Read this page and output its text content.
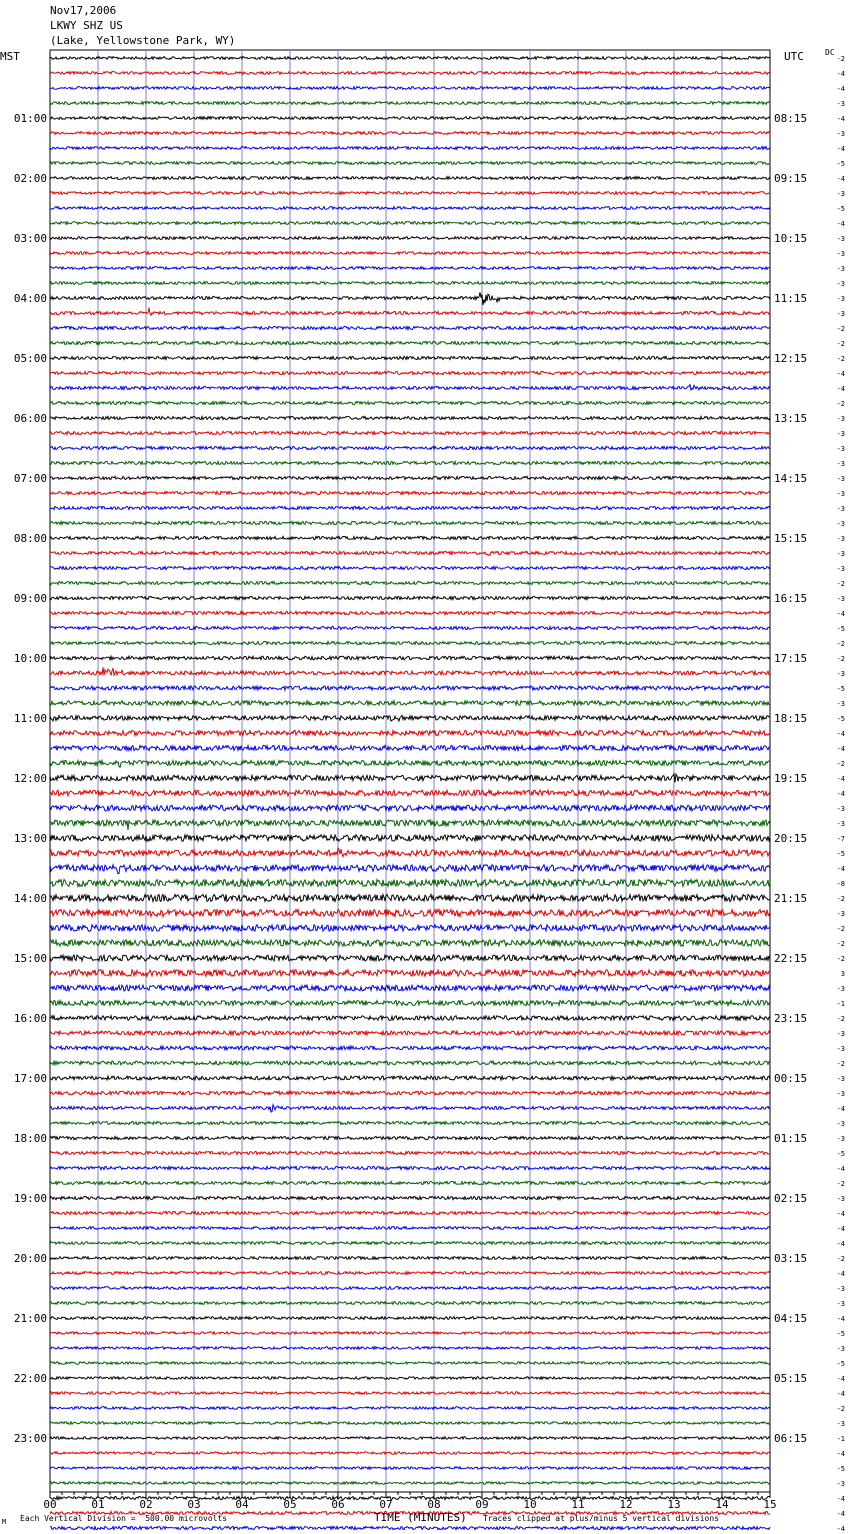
Nov17,2006
LKWY SHZ US
(Lake, Yellowstone Park, WY)
MST	UTC	DC
01:00
02:00
03:00
04:00
05:00
06:00
07:00
08:00
09:00
10:00
11:00
12:00
13:00
14:00
15:00
16:00
17:00
18:00
19:00
20:00
21:00
22:00
23:00
08:15
09:15
10:15
11:15
12:15
13:15
14:15
15:15
16:15
17:15
18:15
19:15
20:15
21:15
22:15
23:15
00:15
01:15
02:15
03:15
04:15
05:15
06:15
-2
-4
-4
-3
-4
-3
-4
-5
-4
-3
-5
-4
-3
-3
-3
-3
-3
-3
-2
-2
-2
-4
-4
-2
-3
-3
-3
-3
-3
-3
-3
-3
-3
-3
-3
-2
-3
-4
-5
-2
-2
-3
-5
-3
-5
-4
-4
-2
-4
-4
-3
-3
-7
-5
-4
-8
-2
-3
-2
-2
-2
3
-3
-1
-2
-3
-3
-2
-3
-3
-4
-3
-3
-5
-4
-2
-3
-4
-4
-4
-2
-4
-3
-3
-4
-5
-3
-5
-4
-4
-2
-3
-1
-4
-5
-3
-4
-4
-4
00	01	02	03	04	05	06	07	08	09	10	11	12	13	14	15
M Each Vertical Division =  500.00 microvolts	TIME (MINUTES) Traces clipped at plus/minus 5 vertical divisions
